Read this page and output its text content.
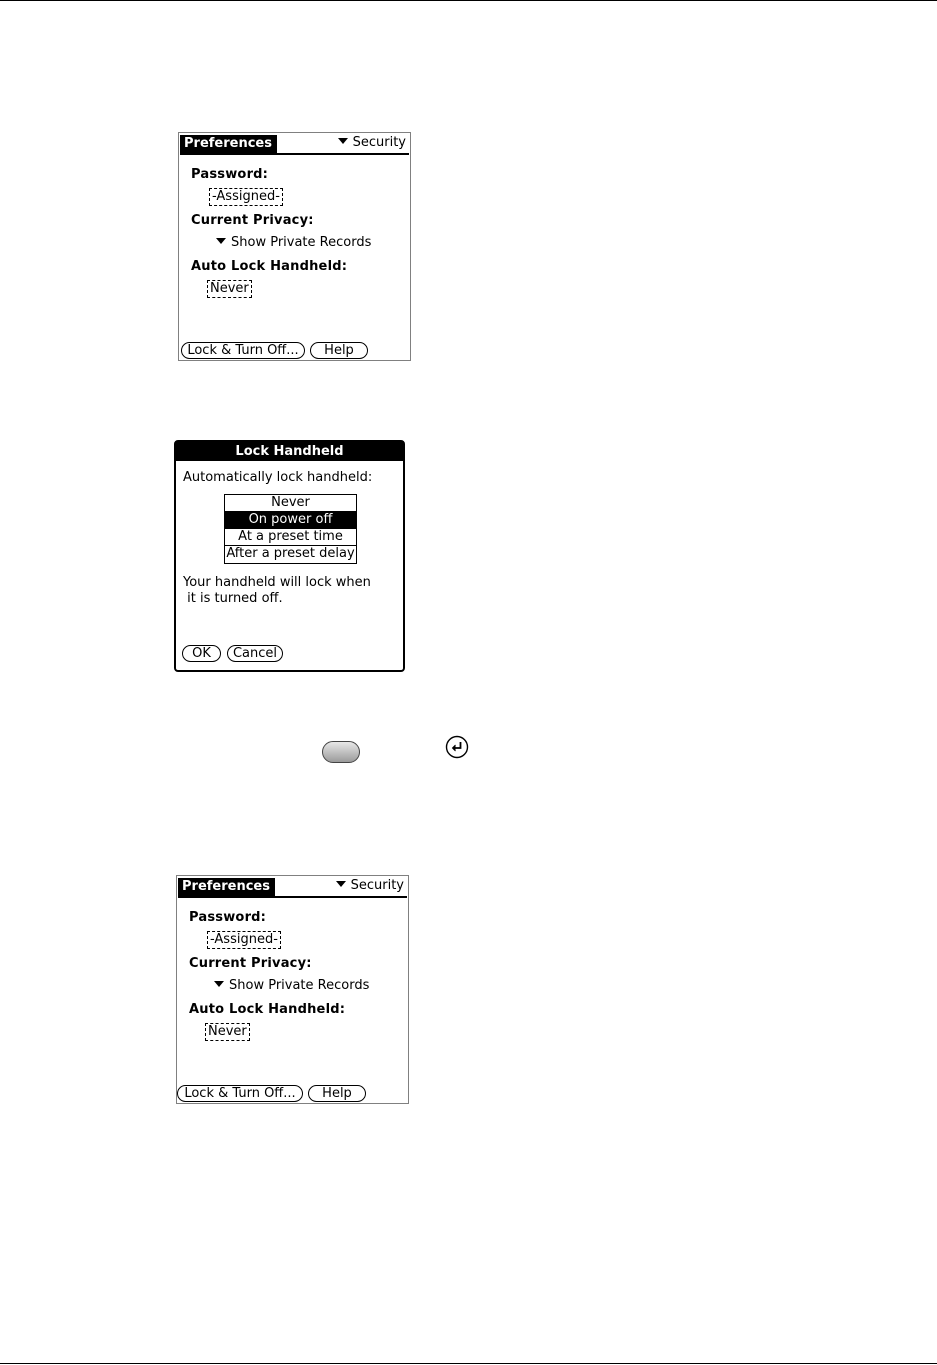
Preferences	Security
Password:
-Assigned-
Current Privacy:
Show Private Records
Auto Lock Handheld:
Never
Lock & Turn Off...	Help
Lock Handheld
Automatically lock handheld:
Never
On power off
At a preset time
After a preset delay
Your handheld will lock when
it is turned off.
OK	Cancel
Preferences	Security
Password:
-Assigned-
Current Privacy:
Show Private Records
Auto Lock Handheld:
Never
Lock & Turn Off...	Help
